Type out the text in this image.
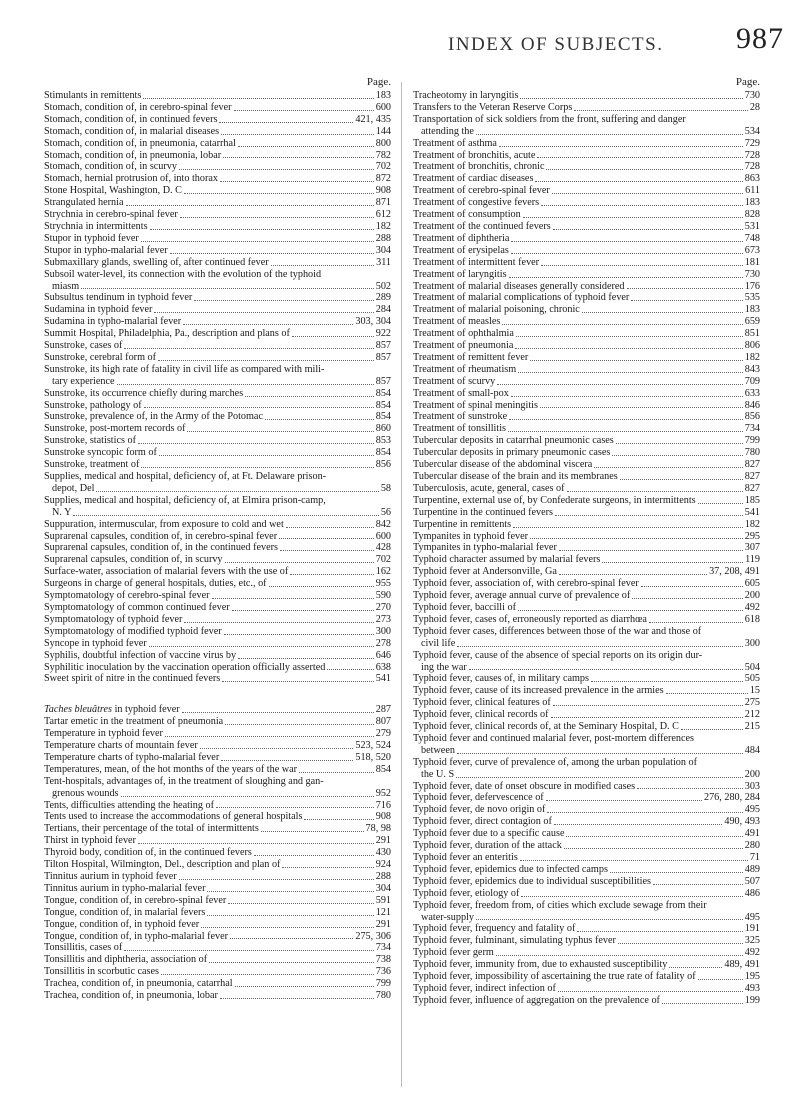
INDEX OF SUBJECTS. 987
Page.
Stimulants in remittents	183
Stomach, condition of, in cerebro-spinal fever	600
Stomach, condition of, in continued fevers	421, 435
Stomach, condition of, in malarial diseases	144
Stomach, condition of, in pneumonia, catarrhal	800
Stomach, condition of, in pneumonia, lobar	782
Stomach, condition of, in scurvy	702
Stomach, hernial protrusion of, into thorax	872
Stone Hospital, Washington, D. C	908
Strangulated hernia	871
Strychnia in cerebro-spinal fever	612
Strychnia in intermittents	182
Stupor in typhoid fever	288
Stupor in typho-malarial fever	304
Submaxillary glands, swelling of, after continued fever	311
Subsoil water-level, its connection with the evolution of the typhoid
miasm	502
Subsultus tendinum in typhoid fever	289
Sudamina in typhoid fever	284
Sudamina in typho-malarial fever	303, 304
Summit Hospital, Philadelphia, Pa., description and plans of	922
Sunstroke, cases of	857
Sunstroke, cerebral form of	857
Sunstroke, its high rate of fatality in civil life as compared with mili-
tary experience	857
Sunstroke, its occurrence chiefly during marches	854
Sunstroke, pathology of	854
Sunstroke, prevalence of, in the Army of the Potomac	854
Sunstroke, post-mortem records of	860
Sunstroke, statistics of	853
Sunstroke syncopic form of	854
Sunstroke, treatment of	856
Supplies, medical and hospital, deficiency of, at Ft. Delaware prison-
depot, Del	58
Supplies, medical and hospital, deficiency of, at Elmira prison-camp,
N. Y	56
Suppuration, intermuscular, from exposure to cold and wet	842
Suprarenal capsules, condition of, in cerebro-spinal fever	600
Suprarenal capsules, condition of, in the continued fevers	428
Suprarenal capsules, condition of, in scurvy	702
Surface-water, association of malarial fevers with the use of	162
Surgeons in charge of general hospitals, duties, etc., of	955
Symptomatology of cerebro-spinal fever	590
Symptomatology of common continued fever	270
Symptomatology of typhoid fever	273
Symptomatology of modified typhoid fever	300
Syncope in typhoid fever	278
Syphilis, doubtful infection of vaccine virus by	646
Syphilitic inoculation by the vaccination operation officially asserted	638
Sweet spirit of nitre in the continued fevers	541
Taches bleuâtres in typhoid fever	287
Tartar emetic in the treatment of pneumonia	807
Temperature in typhoid fever	279
Temperature charts of mountain fever	523, 524
Temperature charts of typho-malarial fever	518, 520
Temperatures, mean, of the hot months of the years of the war	854
Tent-hospitals, advantages of, in the treatment of sloughing and gan-
grenous wounds	952
Tents, difficulties attending the heating of	716
Tents used to increase the accommodations of general hospitals	908
Tertians, their percentage of the total of intermittents	78, 98
Thirst in typhoid fever	291
Thyroid body, condition of, in the continued fevers	430
Tilton Hospital, Wilmington, Del., description and plan of	924
Tinnitus aurium in typhoid fever	288
Tinnitus aurium in typho-malarial fever	304
Tongue, condition of, in cerebro-spinal fever	591
Tongue, condition of, in malarial fevers	121
Tongue, condition of, in typhoid fever	291
Tongue, condition of, in typho-malarial fever	275, 306
Tonsillitis, cases of	734
Tonsillitis and diphtheria, association of	738
Tonsillitis in scorbutic cases	736
Trachea, condition of, in pneumonia, catarrhal	799
Trachea, condition of, in pneumonia, lobar	780
Page.
Tracheotomy in laryngitis	730
Transfers to the Veteran Reserve Corps	28
Transportation of sick soldiers from the front, suffering and danger
attending the	534
Treatment of asthma	729
Treatment of bronchitis, acute	728
Treatment of bronchitis, chronic	728
Treatment of cardiac diseases	863
Treatment of cerebro-spinal fever	611
Treatment of congestive fevers	183
Treatment of consumption	828
Treatment of the continued fevers	531
Treatment of diphtheria	748
Treatment of erysipelas	673
Treatment of intermittent fever	181
Treatment of laryngitis	730
Treatment of malarial diseases generally considered	176
Treatment of malarial complications of typhoid fever	535
Treatment of malarial poisoning, chronic	183
Treatment of measles	659
Treatment of ophthalmia	851
Treatment of pneumonia	806
Treatment of remittent fever	182
Treatment of rheumatism	843
Treatment of scurvy	709
Treatment of small-pox	633
Treatment of spinal meningitis	846
Treatment of sunstroke	856
Treatment of tonsillitis	734
Tubercular deposits in catarrhal pneumonic cases	799
Tubercular deposits in primary pneumonic cases	780
Tubercular disease of the abdominal viscera	827
Tubercular disease of the brain and its membranes	827
Tuberculosis, acute, general, cases of	827
Turpentine, external use of, by Confederate surgeons, in intermittents	185
Turpentine in the continued fevers	541
Turpentine in remittents	182
Tympanites in typhoid fever	295
Tympanites in typho-malarial fever	307
Typhoid character assumed by malarial fevers	119
Typhoid fever at Andersonville, Ga	37, 208, 491
Typhoid fever, association of, with cerebro-spinal fever	605
Typhoid fever, average annual curve of prevalence of	200
Typhoid fever, baccilli of	492
Typhoid fever, cases of, erroneously reported as diarrhœa	618
Typhoid fever cases, differences between those of the war and those of
civil life	300
Typhoid fever, cause of the absence of special reports on its origin dur-
ing the war	504
Typhoid fever, causes of, in military camps	505
Typhoid fever, cause of its increased prevalence in the armies	15
Typhoid fever, clinical features of	275
Typhoid fever, clinical records of	212
Typhoid fever, clinical records of, at the Seminary Hospital, D. C	215
Typhoid fever and continued malarial fever, post-mortem differences
between	484
Typhoid fever, curve of prevalence of, among the urban population of
the U. S	200
Typhoid fever, date of onset obscure in modified cases	303
Typhoid fever, defervescence of	276, 280, 284
Typhoid fever, de novo origin of	495
Typhoid fever, direct contagion of	490, 493
Typhoid fever due to a specific cause	491
Typhoid fever, duration of the attack	280
Typhoid fever an enteritis	71
Typhoid fever, epidemics due to infected camps	489
Typhoid fever, epidemics due to individual susceptibilities	507
Typhoid fever, etiology of	486
Typhoid fever, freedom from, of cities which exclude sewage from their
water-supply	495
Typhoid fever, frequency and fatality of	191
Typhoid fever, fulminant, simulating typhus fever	325
Typhoid fever germ	492
Typhoid fever, immunity from, due to exhausted susceptibility	489, 491
Typhoid fever, impossibility of ascertaining the true rate of fatality of	195
Typhoid fever, indirect infection of	493
Typhoid fever, influence of aggregation on the prevalence of	199
